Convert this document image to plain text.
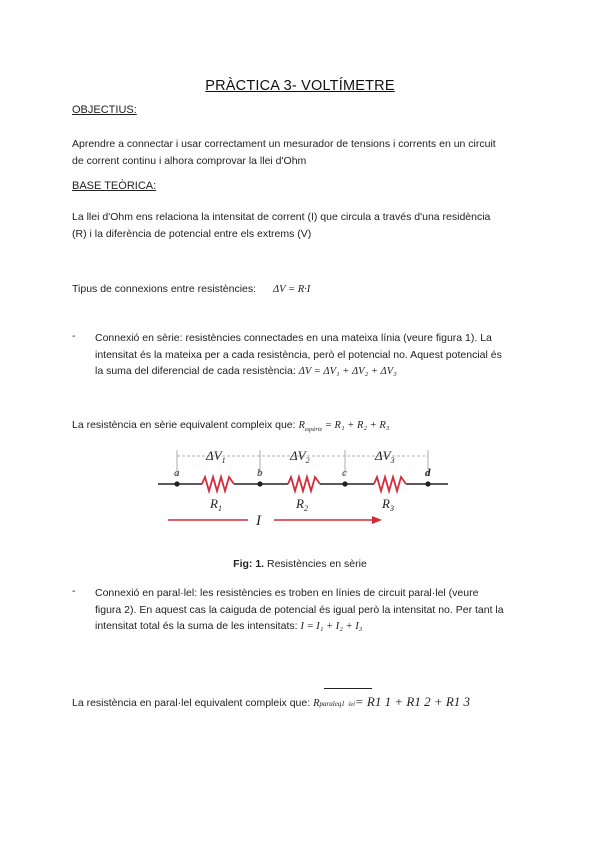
PRÀCTICA 3- VOLTÍMETRE
OBJECTIUS:
Aprendre a connectar i usar correctament un mesurador de tensions i corrents en un circuit
de corrent continu i alhora comprovar la llei d'Ohm
BASE TEÒRICA:
La llei d'Ohm ens relaciona la intensitat de corrent (I) que circula a través d'una residència
(R) i la diferència de potencial entre els extrems (V)
Tipus de connexions entre resistències: ΔV = R·I
- Connexió en sèrie: resistències connectades en una mateixa línia (veure figura 1). La
intensitat és la mateixa per a cada resistència, però el potencial no. Aquest potencial és
la suma del diferencial de cada resistència: ΔV = ΔV₁ + ΔV₂ + ΔV₃
La resistència en sèrie equivalent compleix que: $R_{eqsèrie} = R_1 + R_2 + R_3$
$\Delta V_1$	$\Delta V_2$	$\Delta V_3$
a	b	c	d
$R_1$	$R_2$	$R_3$
I
Fig: 1. Resistències en sèrie
- Connexió en paral·lel: les resistències es troben en línies de circuit paral·lel (veure
figura 2). En aquest cas la caiguda de potencial és igual però la intensitat no. Per tant la
intensitat total és la suma de les intensitats: I = I₁ + I₂ + I₃
La resistència en paral·lel equivalent compleix que: Rparaleq1 ·lel= R1 1 + R1 2 + R1 3
